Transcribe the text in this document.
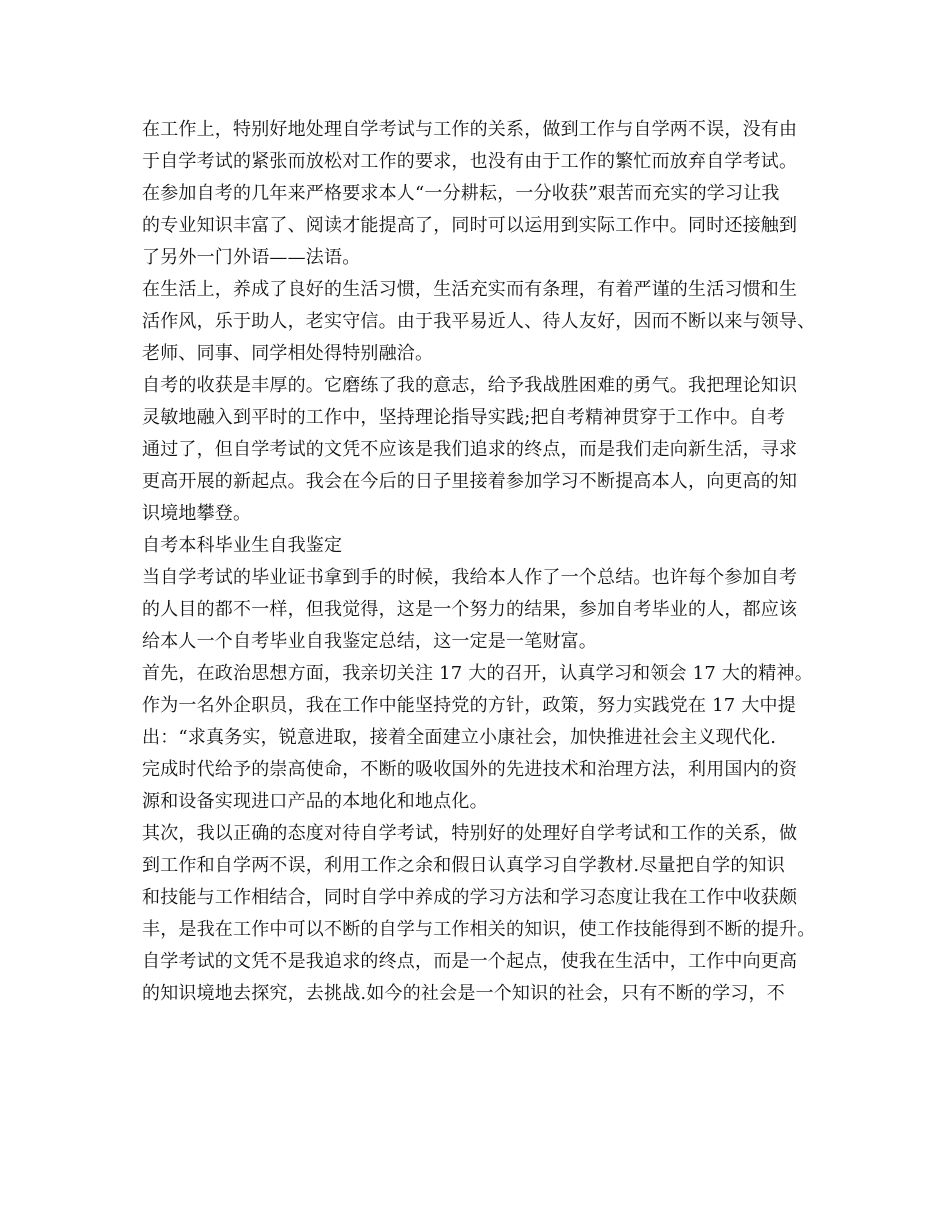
在工作上，特别好地处理自学考试与工作的关系，做到工作与自学两不误，没有由
于自学考试的紧张而放松对工作的要求，也没有由于工作的繁忙而放弃自学考试。
在参加自考的几年来严格要求本人“一分耕耘，一分收获”艰苦而充实的学习让我
的专业知识丰富了、阅读才能提高了，同时可以运用到实际工作中。同时还接触到
了另外一门外语——法语。
在生活上，养成了良好的生活习惯，生活充实而有条理，有着严谨的生活习惯和生
活作风，乐于助人，老实守信。由于我平易近人、待人友好，因而不断以来与领导、
老师、同事、同学相处得特别融洽。
自考的收获是丰厚的。它磨练了我的意志，给予我战胜困难的勇气。我把理论知识
灵敏地融入到平时的工作中，坚持理论指导实践;把自考精神贯穿于工作中。自考
通过了，但自学考试的文凭不应该是我们追求的终点，而是我们走向新生活，寻求
更高开展的新起点。我会在今后的日子里接着参加学习不断提高本人，向更高的知
识境地攀登。
自考本科毕业生自我鉴定
当自学考试的毕业证书拿到手的时候，我给本人作了一个总结。也许每个参加自考
的人目的都不一样，但我觉得，这是一个努力的结果，参加自考毕业的人，都应该
给本人一个自考毕业自我鉴定总结，这一定是一笔财富。
首先，在政治思想方面，我亲切关注 17 大的召开，认真学习和领会 17 大的精神。
作为一名外企职员，我在工作中能坚持党的方针，政策，努力实践党在 17 大中提
出：“求真务实，锐意进取，接着全面建立小康社会，加快推进社会主义现代化.
完成时代给予的崇高使命，不断的吸收国外的先进技术和治理方法，利用国内的资
源和设备实现进口产品的本地化和地点化。
其次，我以正确的态度对待自学考试，特别好的处理好自学考试和工作的关系，做
到工作和自学两不误，利用工作之余和假日认真学习自学教材.尽量把自学的知识
和技能与工作相结合，同时自学中养成的学习方法和学习态度让我在工作中收获颇
丰，是我在工作中可以不断的自学与工作相关的知识，使工作技能得到不断的提升。
自学考试的文凭不是我追求的终点，而是一个起点，使我在生活中，工作中向更高
的知识境地去探究，去挑战.如今的社会是一个知识的社会，只有不断的学习，不
